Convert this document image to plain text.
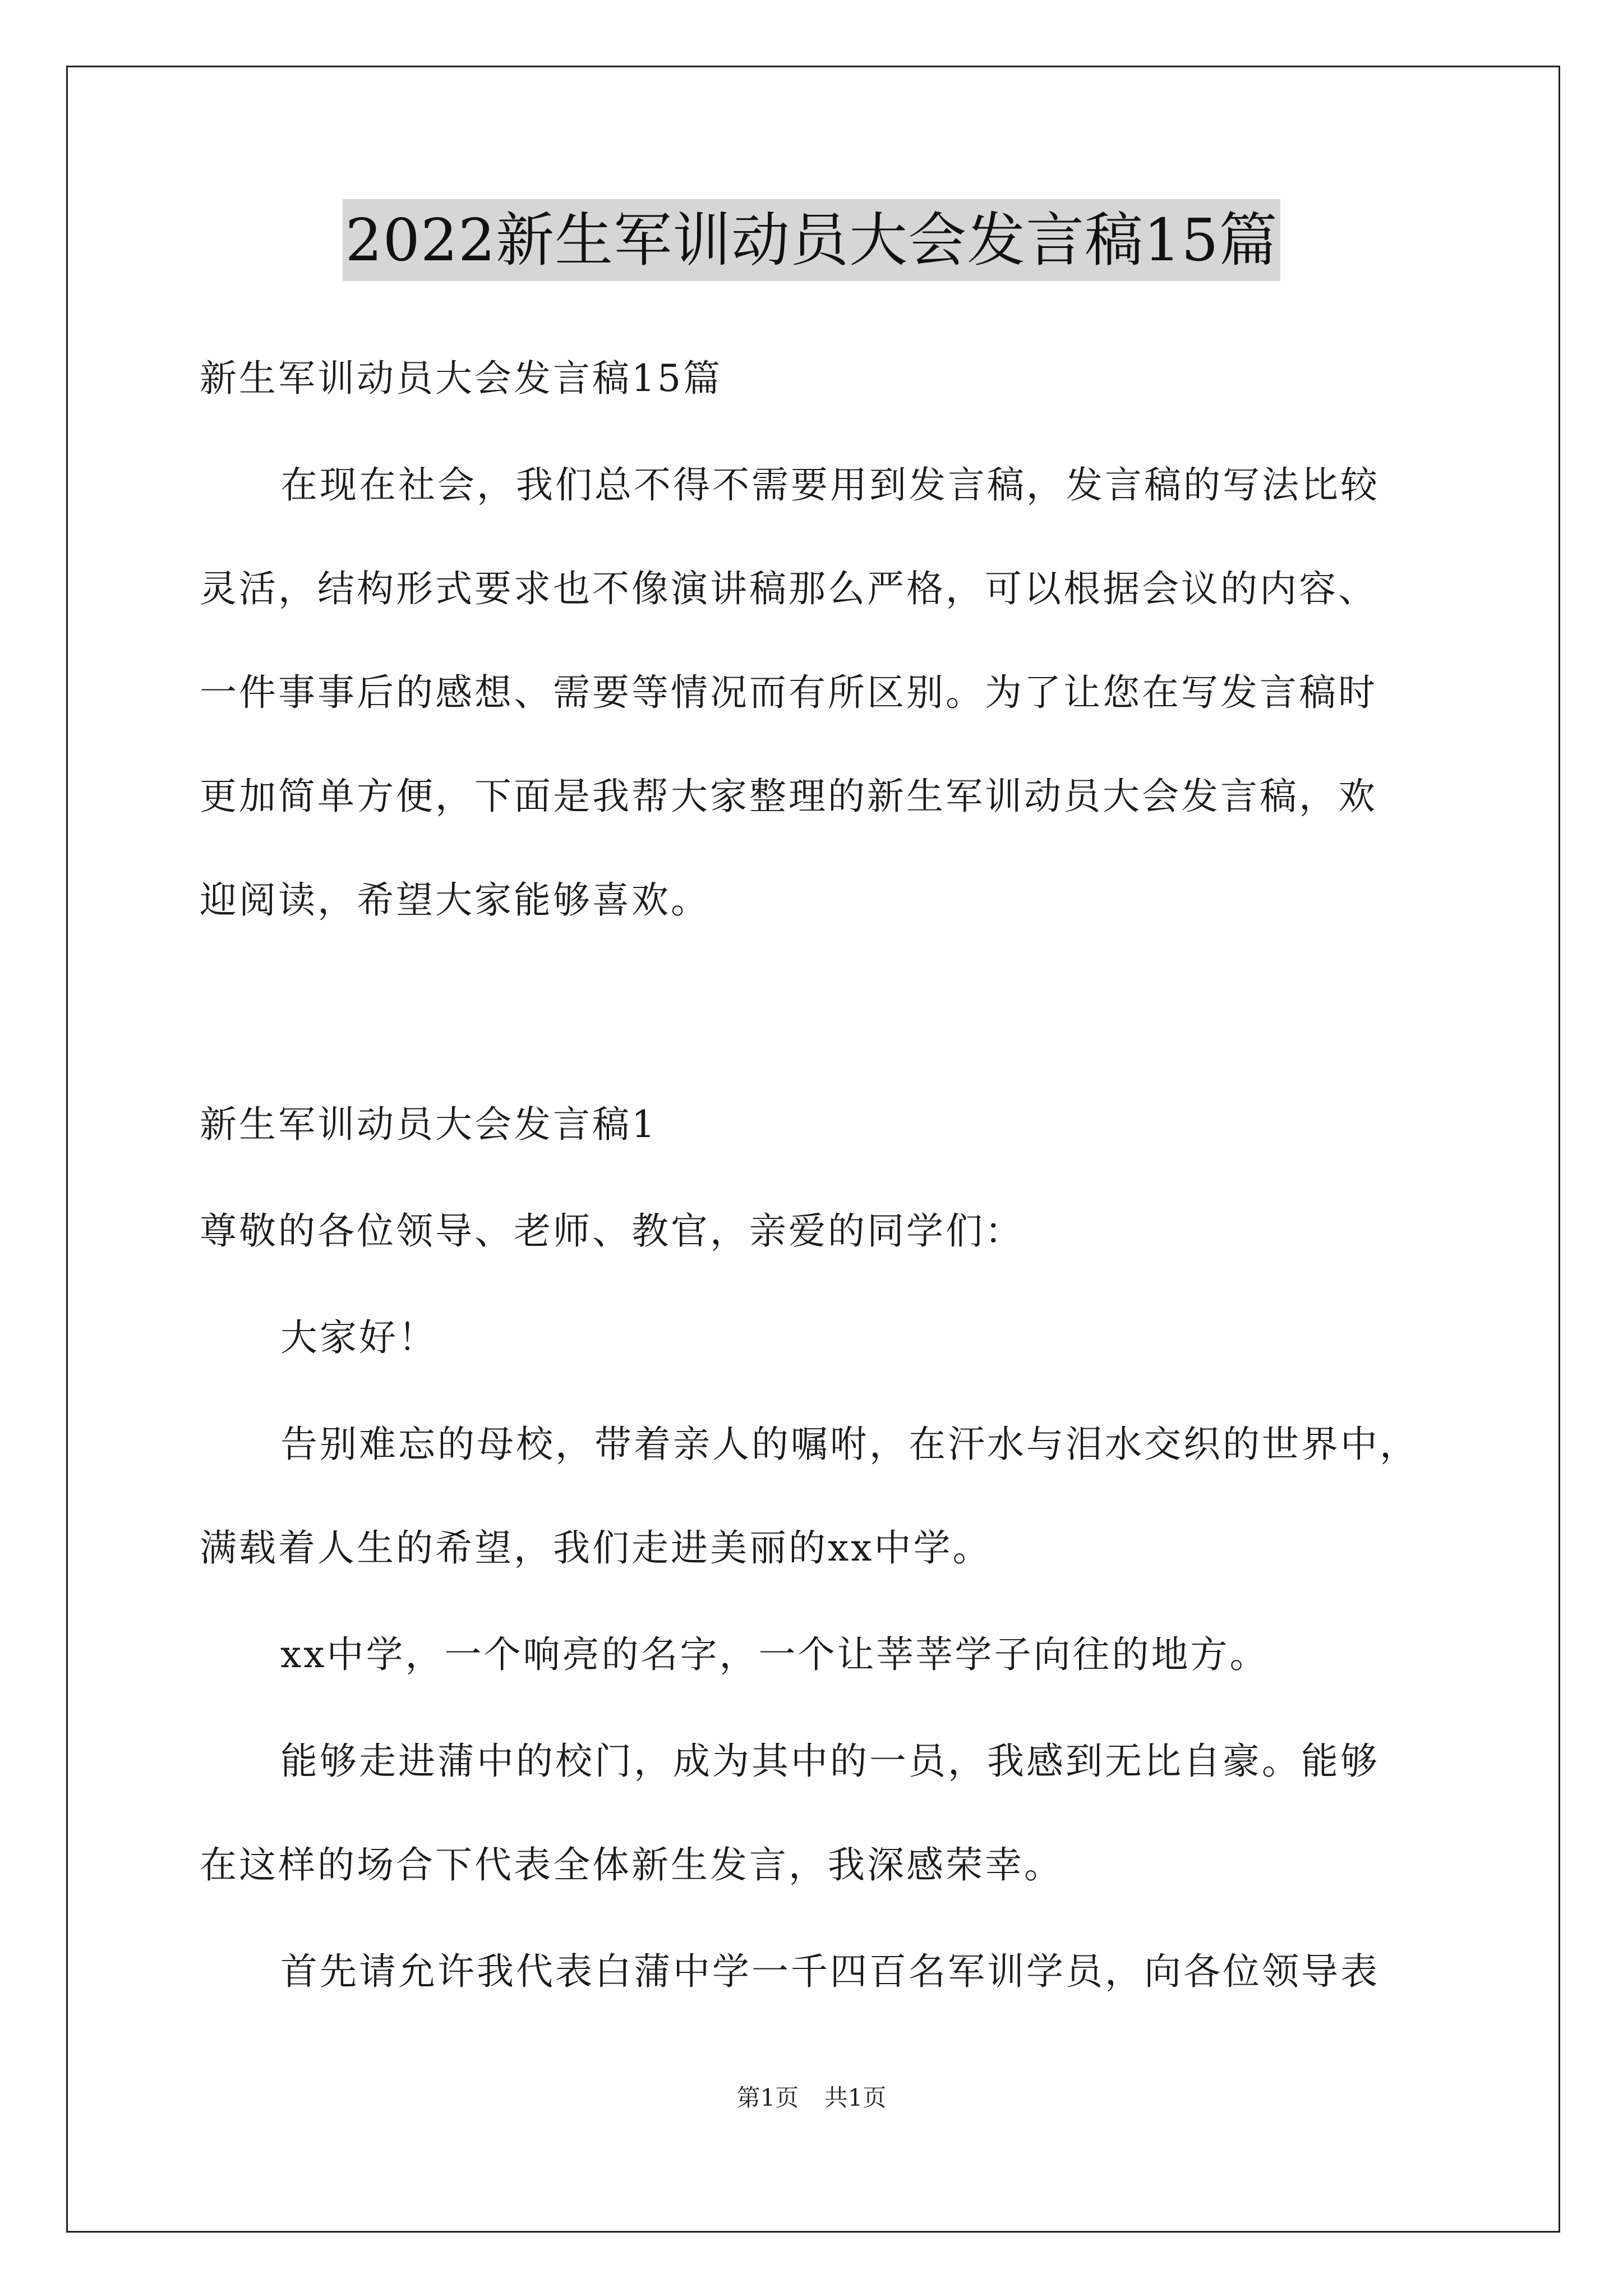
2022新生军训动员大会发言稿15篇
新生军训动员大会发言稿15篇
在现在社会，我们总不得不需要用到发言稿，发言稿的写法比较
灵活，结构形式要求也不像演讲稿那么严格，可以根据会议的内容、
一件事事后的感想、需要等情况而有所区别。为了让您在写发言稿时
更加简单方便，下面是我帮大家整理的新生军训动员大会发言稿，欢
迎阅读，希望大家能够喜欢。
新生军训动员大会发言稿1
尊敬的各位领导、老师、教官，亲爱的同学们：
大家好！
告别难忘的母校，带着亲人的嘱咐，在汗水与泪水交织的世界中，
满载着人生的希望，我们走进美丽的xx中学。
xx中学，一个响亮的名字，一个让莘莘学子向往的地方。
能够走进蒲中的校门，成为其中的一员，我感到无比自豪。能够
在这样的场合下代表全体新生发言，我深感荣幸。
首先请允许我代表白蒲中学一千四百名军训学员，向各位领导表
第1页 共1页
